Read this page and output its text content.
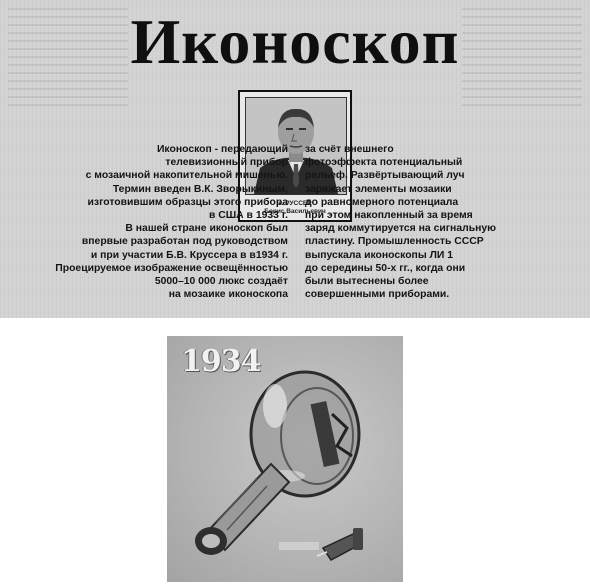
Иконоскоп
к. РУССЕР
Борис Васильевич

Иконоскоп - передающий

телевизионный прибор

с мозаичной накопительной мишенью.

Термин введен В.К. Зворыкиным,

изготовившим образцы этого прибора

в США в 1933 г.

В нашей стране иконоскоп был

впервые разработан под руководством

и при участии Б.В. Круссера в в1934 г.

Проецируемое изображение освещённостью

5000–10 000 люкс создаёт

на мозаике иконоскопа

за счёт внешнего

фотоэффекта потенциальный

рельеф. Развёртывающий луч

заряжает элементы мозаики

до равномерного потенциала

при этом накопленный за время

заряд коммутируется на сигнальную

пластину. Промышленность СССР

выпускала иконоскопы ЛИ 1

до середины 50-х гг., когда они

были вытеснены более

совершенными приборами.

1934
